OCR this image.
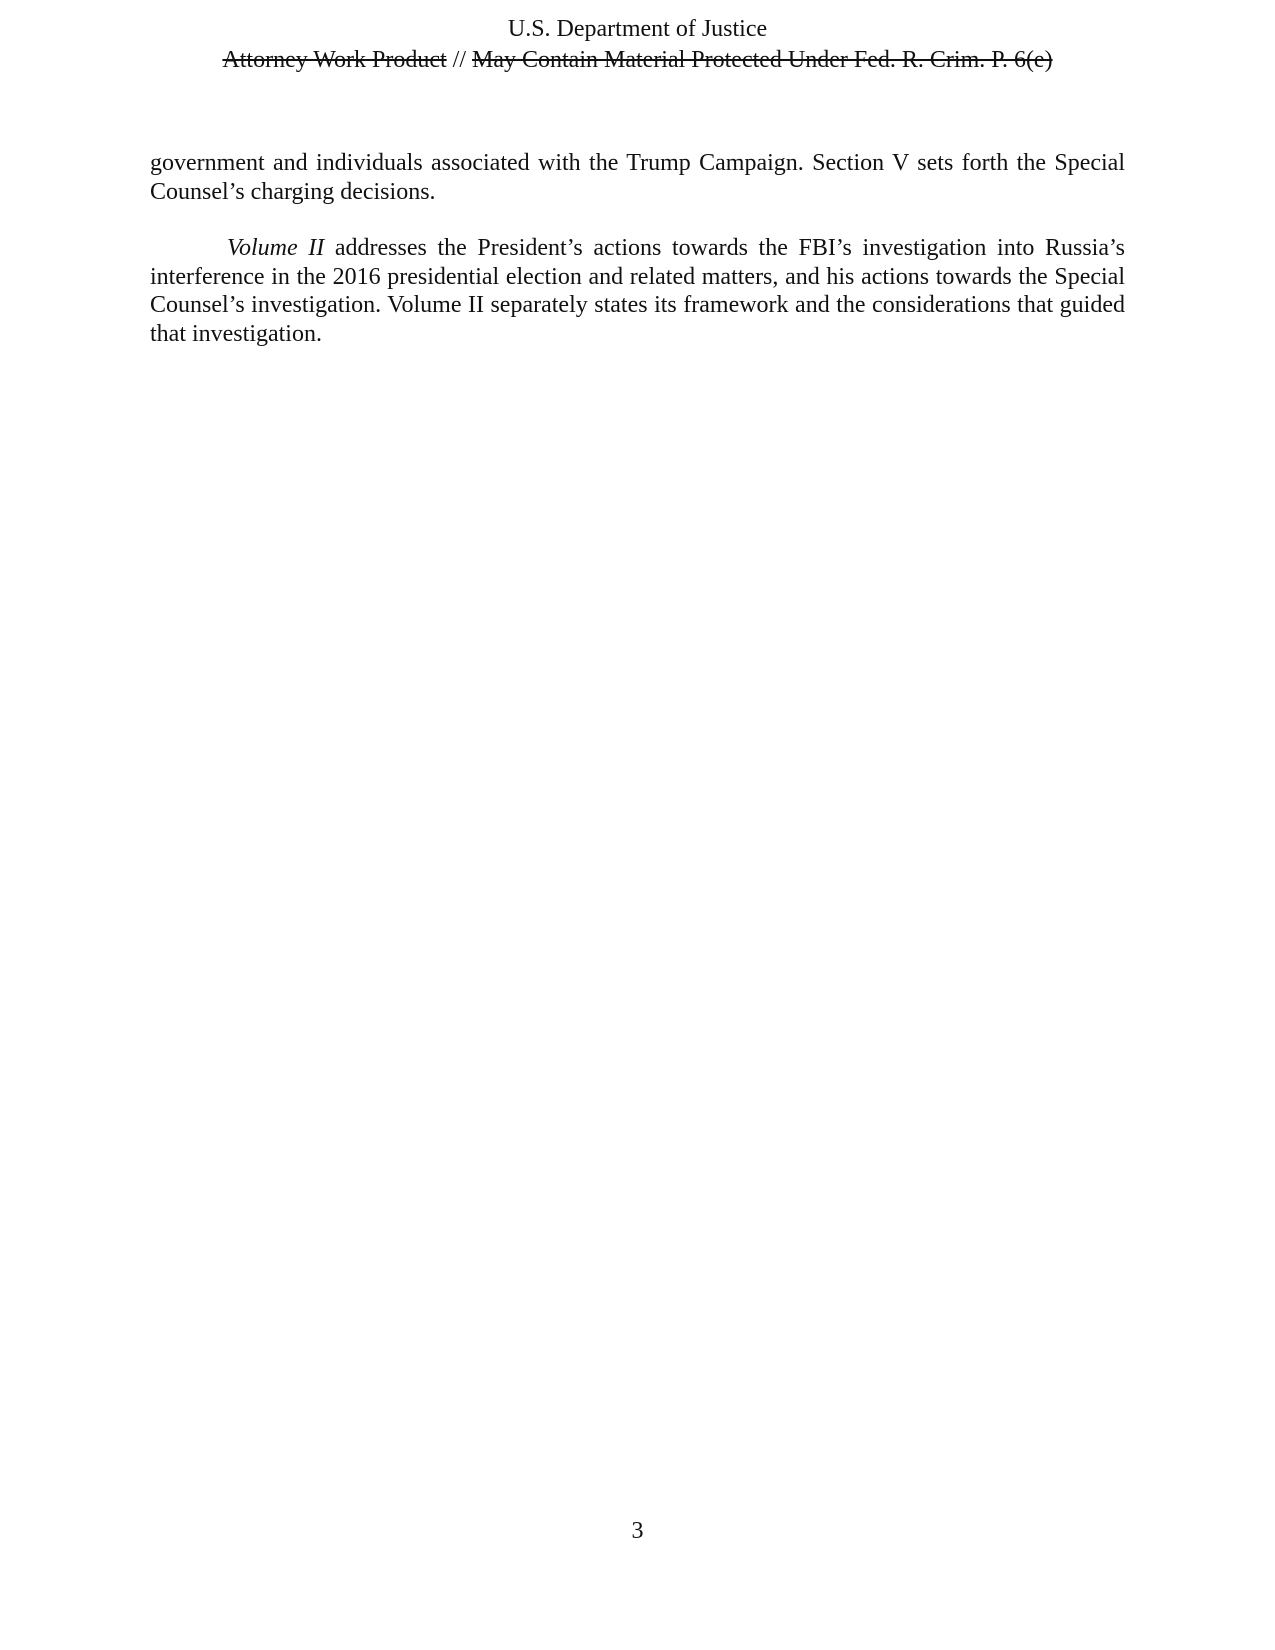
U.S. Department of Justice
Attorney Work Product // May Contain Material Protected Under Fed. R. Crim. P. 6(e)

government and individuals associated with the Trump Campaign. Section V sets forth the Special Counsel’s charging decisions.

Volume II addresses the President’s actions towards the FBI’s investigation into Russia’s interference in the 2016 presidential election and related matters, and his actions towards the Special Counsel’s investigation. Volume II separately states its framework and the considerations that guided that investigation.

3
